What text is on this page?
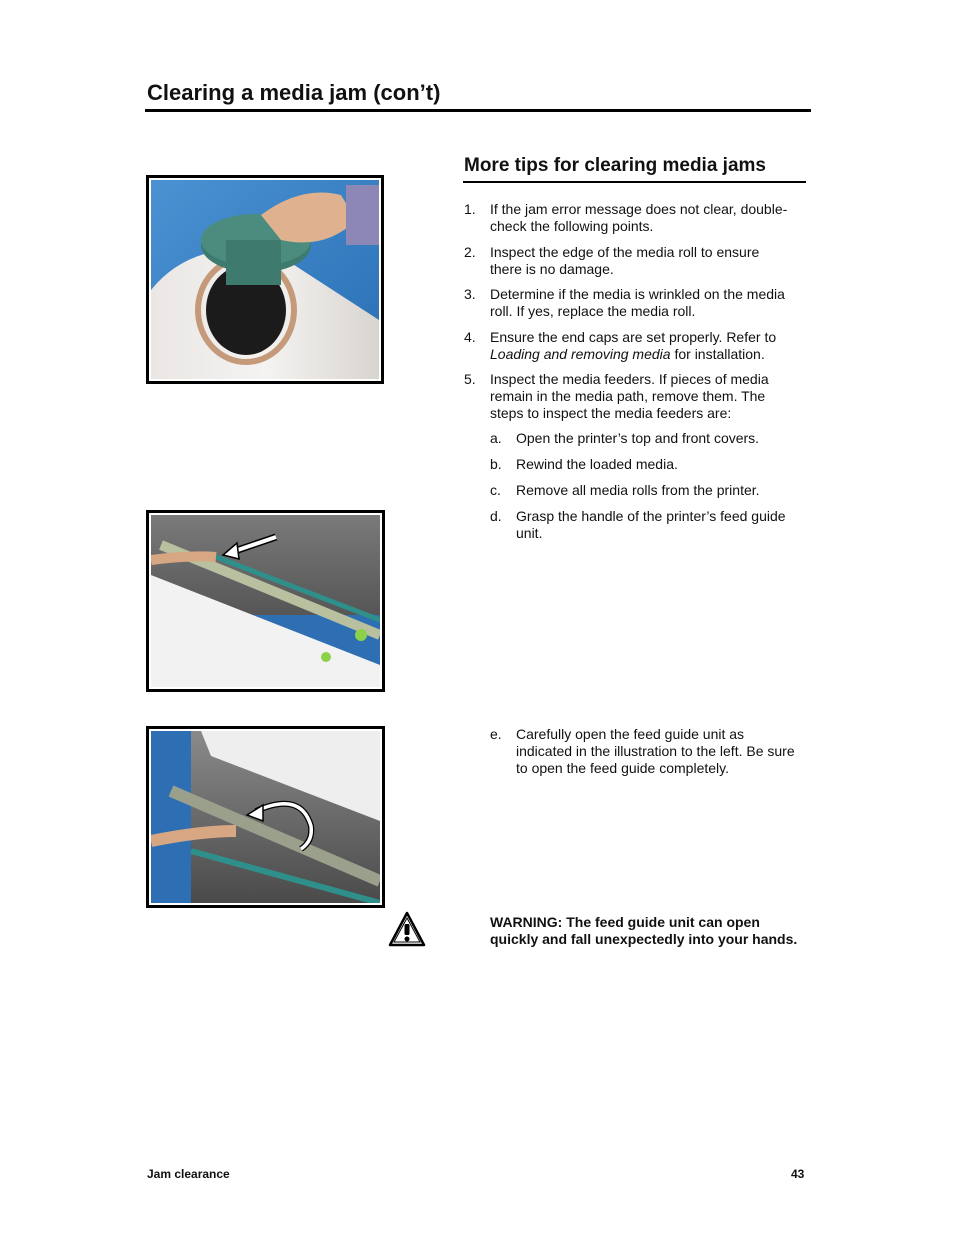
Clearing a media jam (con’t)
More tips for clearing media jams
1. If the jam error message does not clear, double-check the following points.
2. Inspect the edge of the media roll to ensure there is no damage.
3. Determine if the media is wrinkled on the media roll. If yes, replace the media roll.
4. Ensure the end caps are set properly. Refer to
Loading and removing media for installation.
5. Inspect the media feeders. If pieces of media remain in the media path, remove them. The steps to inspect the media feeders are:
a. Open the printer’s top and front covers.
b. Rewind the loaded media.
c. Remove all media rolls from the printer.
d. Grasp the handle of the printer’s feed guide unit.
e. Carefully open the feed guide unit as indicated in the illustration to the left. Be sure to open the feed guide completely.
WARNING: The feed guide unit can open quickly and fall unexpectedly into your hands.
Jam clearance	43
